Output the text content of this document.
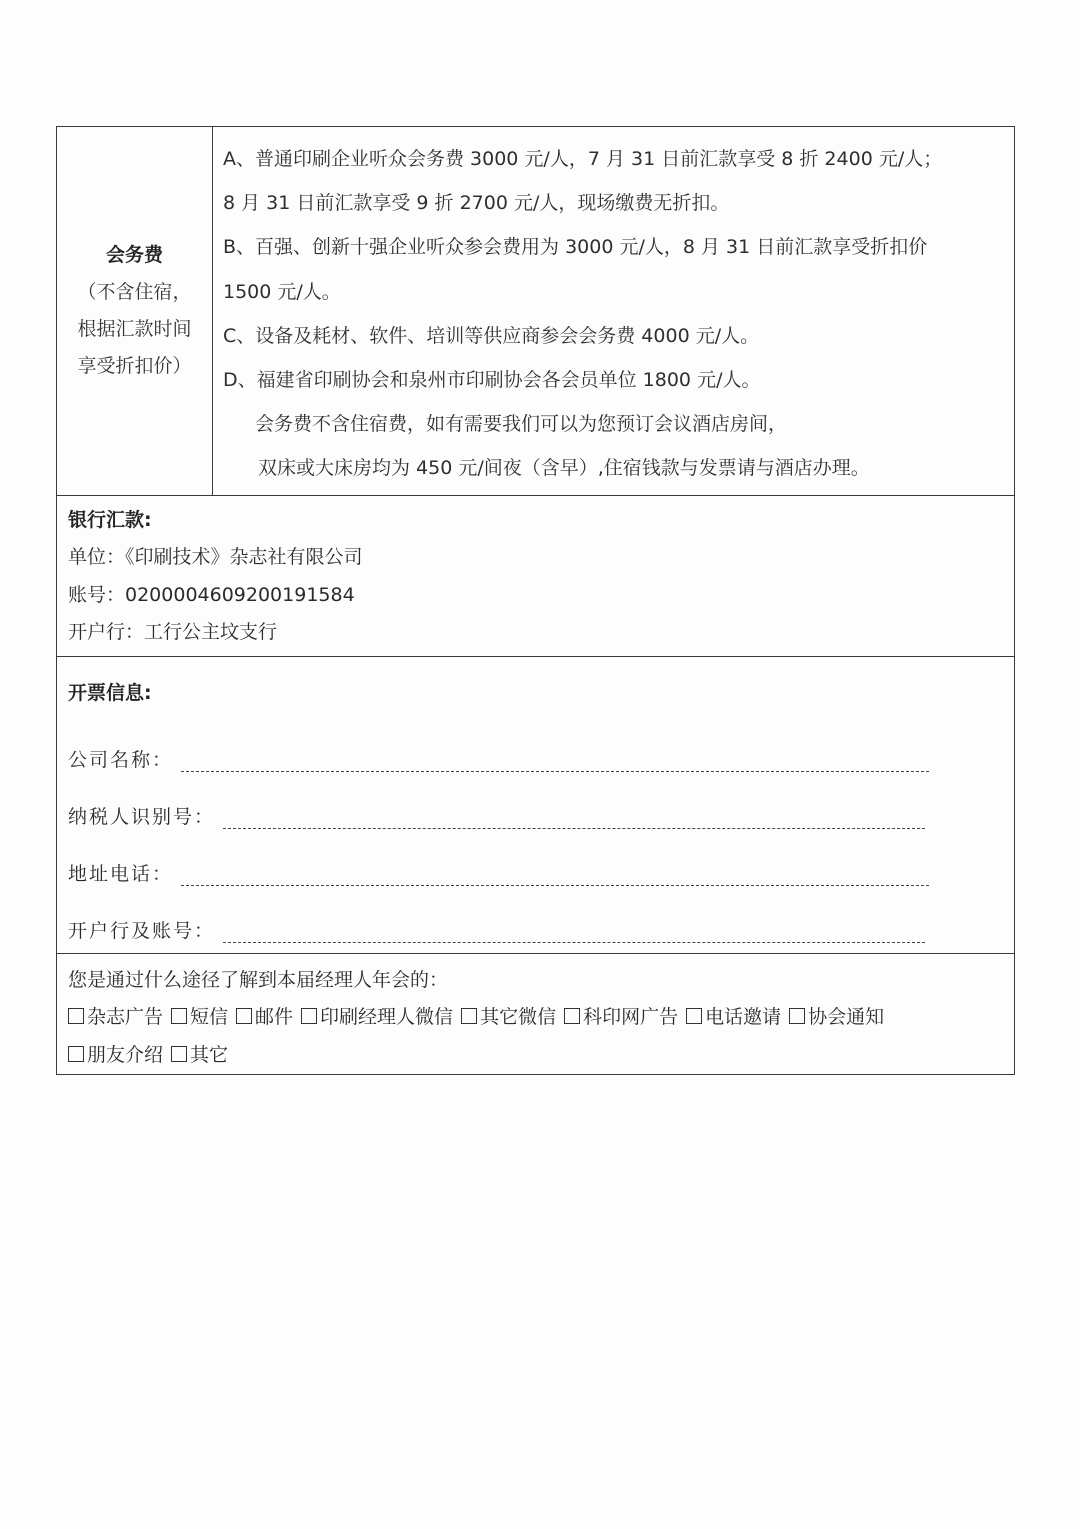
会务费
（不含住宿，
根据汇款时间
享受折扣价）

A、普通印刷企业听众会务费 3000 元/人，7 月 31 日前汇款享受 8 折 2400 元/人；
8 月 31 日前汇款享受 9 折 2700 元/人，现场缴费无折扣。
B、百强、创新十强企业听众参会费用为 3000 元/人，8 月 31 日前汇款享受折扣价
1500 元/人。
C、设备及耗材、软件、培训等供应商参会会务费 4000 元/人。
D、福建省印刷协会和泉州市印刷协会各会员单位 1800 元/人。
会务费不含住宿费，如有需要我们可以为您预订会议酒店房间，
双床或大床房均为 450 元/间夜（含早）,住宿钱款与发票请与酒店办理。

银行汇款:
单位：《印刷技术》杂志社有限公司
账号：0200004609200191584
开户行：工行公主坟支行

开票信息:
公司名称：
纳税人识别号：
地址电话：
开户行及账号：

您是通过什么途径了解到本届经理人年会的：
杂志广告 短信 邮件 印刷经理人微信 其它微信 科印网广告 电话邀请 协会通知
朋友介绍 其它
